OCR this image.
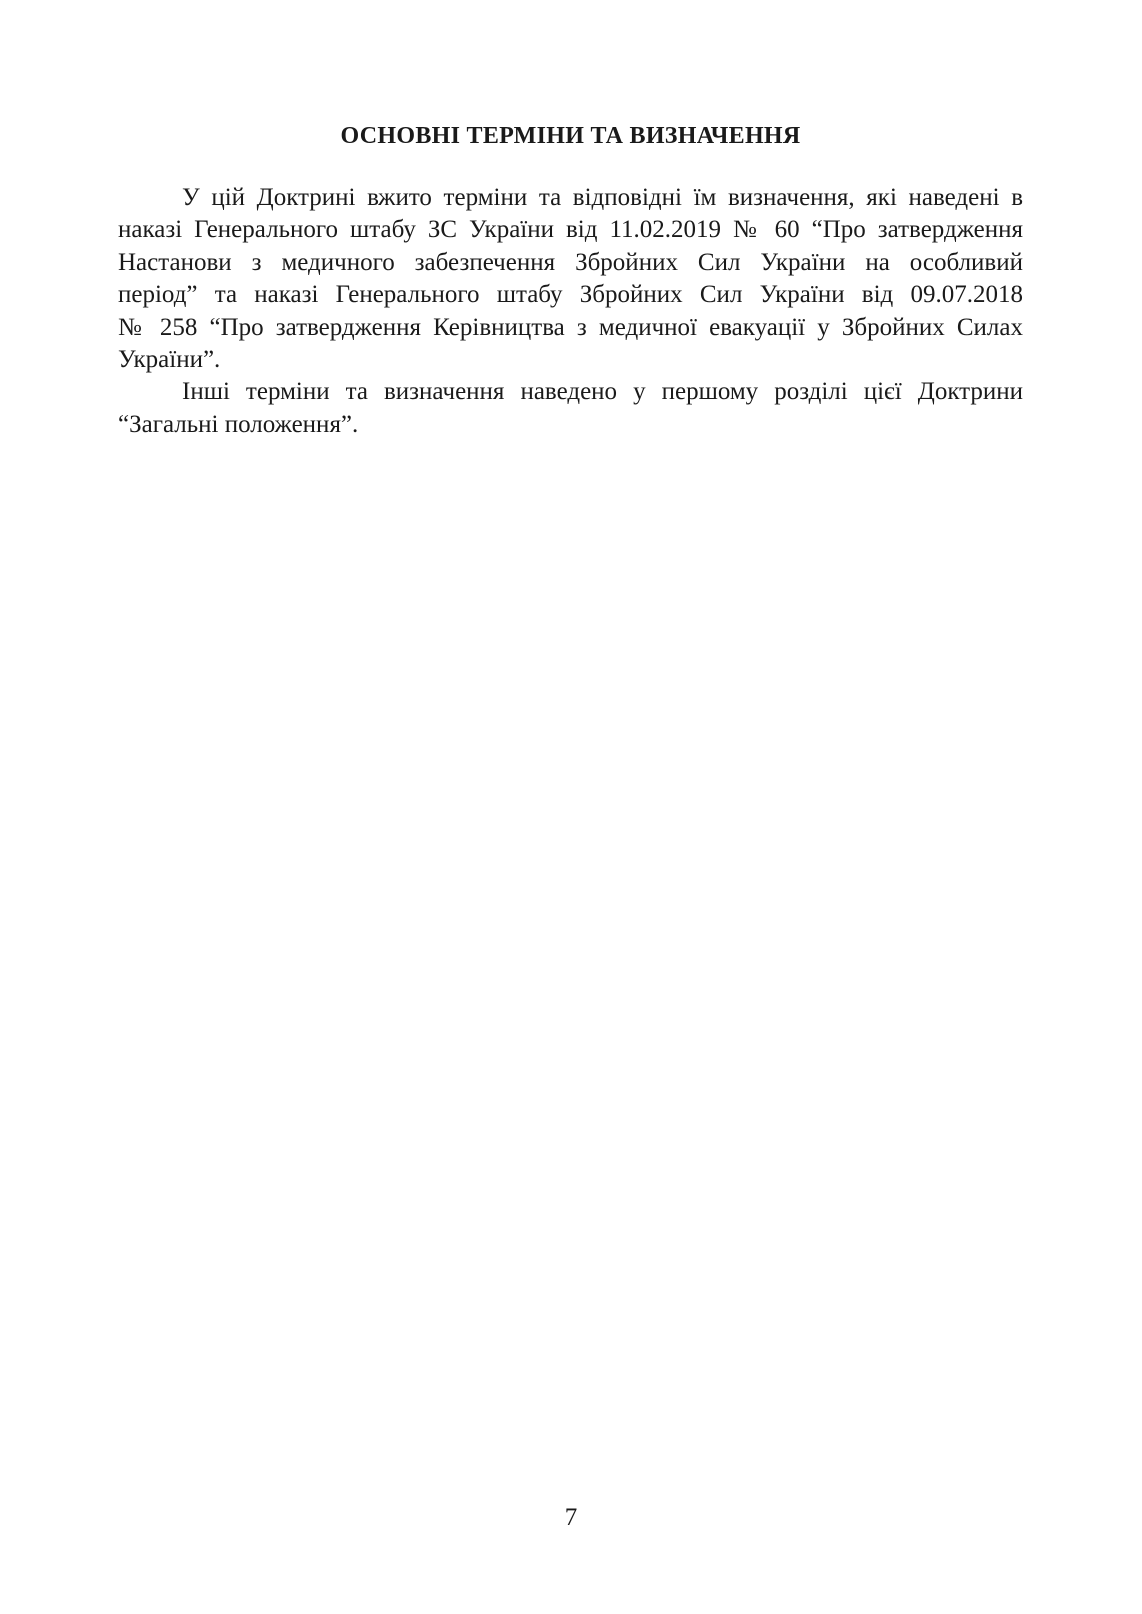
ОСНОВНІ ТЕРМІНИ ТА ВИЗНАЧЕННЯ

У цій Доктрині вжито терміни та відповідні їм визначення, які наведені в
наказі Генерального штабу ЗС України від 11.02.2019 № 60 “Про затвердження
Настанови з медичного забезпечення Збройних Сил України на особливий
період” та наказі Генерального штабу Збройних Сил України від 09.07.2018
№ 258 “Про затвердження Керівництва з медичної евакуації у Збройних Силах
України”.

Інші терміни та визначення наведено у першому розділі цієї Доктрини
“Загальні положення”.

7
